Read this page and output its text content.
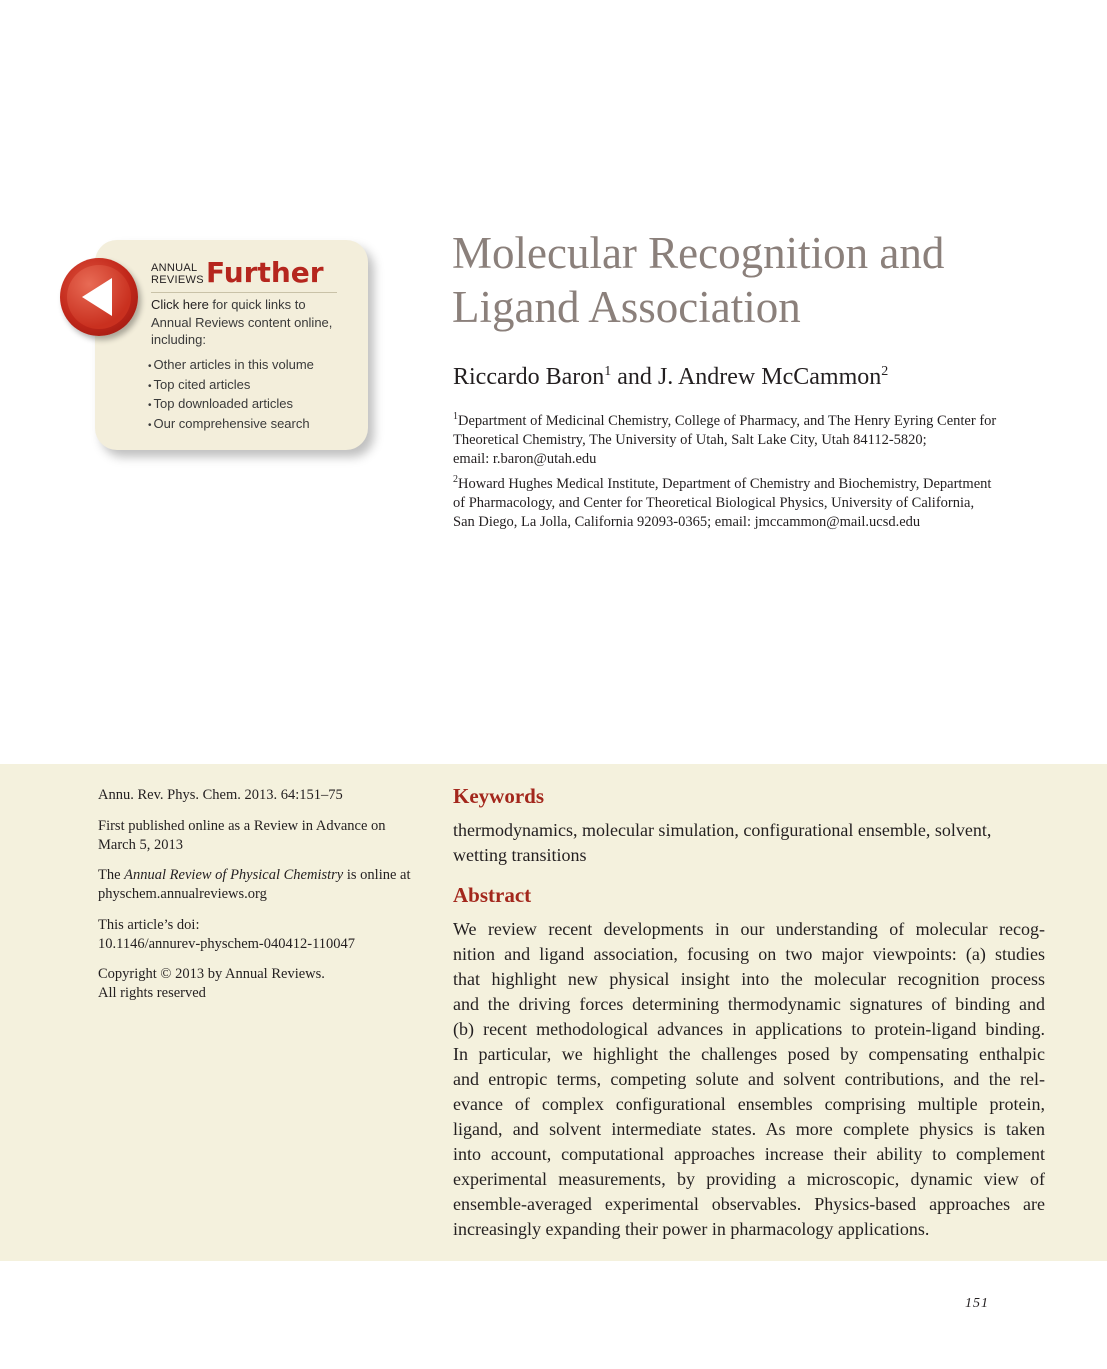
ANNUAL
REVIEWS Further
Click here for quick links to
Annual Reviews content online,
including:
• Other articles in this volume
• Top cited articles
• Top downloaded articles
• Our comprehensive search
Molecular Recognition and
Ligand Association
Riccardo Baron$^1$ and J. Andrew McCammon$^2$
$^1$Department of Medicinal Chemistry, College of Pharmacy, and The Henry Eyring Center for
Theoretical Chemistry, The University of Utah, Salt Lake City, Utah 84112-5820;
email: r.baron@utah.edu
$^2$Howard Hughes Medical Institute, Department of Chemistry and Biochemistry, Department
of Pharmacology, and Center for Theoretical Biological Physics, University of California,
San Diego, La Jolla, California 92093-0365; email: jmccammon@mail.ucsd.edu
Annu. Rev. Phys. Chem. 2013. 64:151–75
First published online as a Review in Advance on
March 5, 2013
The Annual Review of Physical Chemistry is online at
physchem.annualreviews.org
This article’s doi:
10.1146/annurev-physchem-040412-110047
Copyright © 2013 by Annual Reviews.
All rights reserved
Keywords
thermodynamics, molecular simulation, configurational ensemble, solvent,
wetting transitions
Abstract
We review recent developments in our understanding of molecular recog-
nition and ligand association, focusing on two major viewpoints: (a) studies
that highlight new physical insight into the molecular recognition process
and the driving forces determining thermodynamic signatures of binding and
(b) recent methodological advances in applications to protein-ligand binding.
In particular, we highlight the challenges posed by compensating enthalpic
and entropic terms, competing solute and solvent contributions, and the rel-
evance of complex configurational ensembles comprising multiple protein,
ligand, and solvent intermediate states. As more complete physics is taken
into account, computational approaches increase their ability to complement
experimental measurements, by providing a microscopic, dynamic view of
ensemble-averaged experimental observables. Physics-based approaches are
increasingly expanding their power in pharmacology applications.
151
